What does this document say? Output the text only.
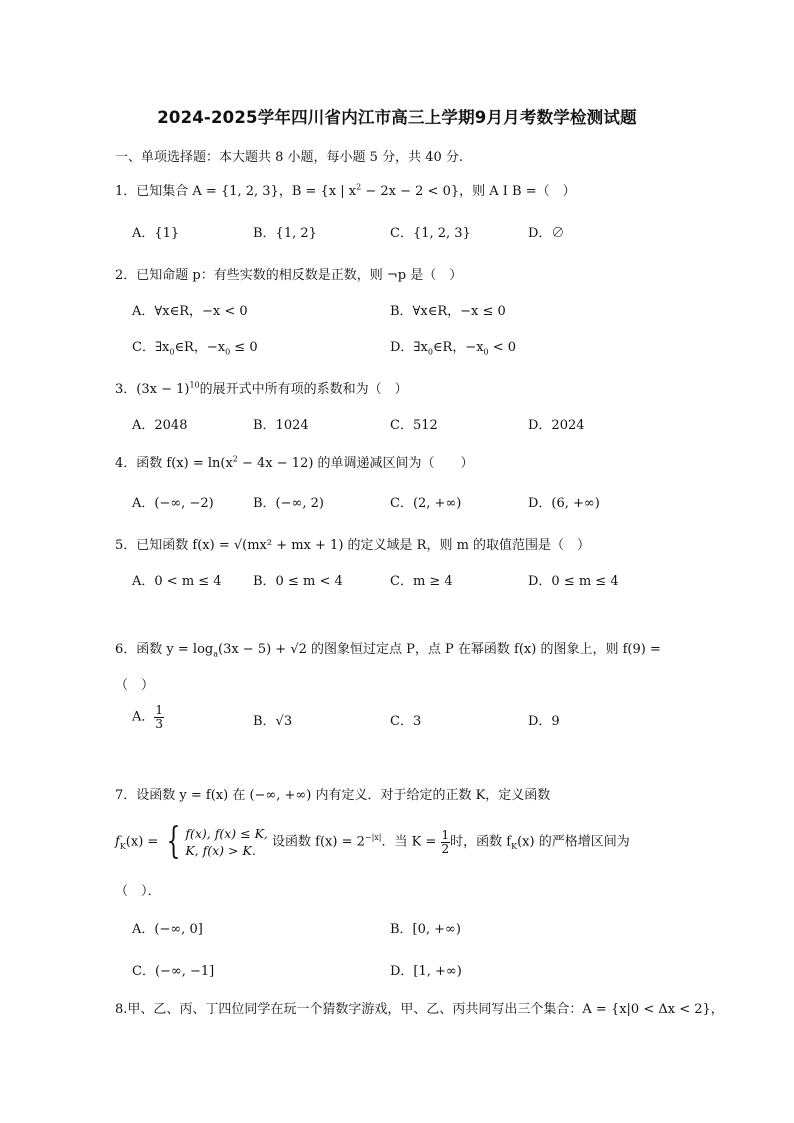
2024-2025学年四川省内江市高三上学期9月月考数学检测试题
一、单项选择题：本大题共 8 小题，每小题 5 分，共 40 分.
1．已知集合 A = {1, 2, 3}，B = {x | $x^2 - 2x - 2 < 0$}，则 A I B =（　）
A．{1}	B．{1, 2}	C．{1, 2, 3}	D．∅
2．已知命题 p：有些实数的相反数是正数，则 ¬p 是（　）
A．∀x∈R，−x < 0	B．∀x∈R，−x ≤ 0
C．$\exists x_0\in R$，$-x_0 \le 0$	D．$\exists x_0\in R$，$-x_0 < 0$
3．$(3x - 1)^{10}$的展开式中所有项的系数和为（　）
A．2048	B．1024	C．512	D．2024
4．函数 $f(x) = \ln(x^2 - 4x - 12)$ 的单调递减区间为（　　）
A．(−∞, −2)	B．(−∞, 2)	C．(2, +∞)	D．(6, +∞)
5．已知函数 f(x) = √(mx² + mx + 1) 的定义域是 R，则 m 的取值范围是（　）
A．0 < m ≤ 4 B．0 ≤ m < 4	C．m ≥ 4	D．0 ≤ m ≤ 4
6．函数 $y = \log_a(3x - 5) + √2$ 的图象恒过定点 P，点 P 在幂函数 f(x) 的图象上，则 f(9) =
（　）
A． $\frac{1}{3}$	B．√3	C．3	D．9
7．设函数 y = f(x) 在 (−∞, +∞) 内有定义．对于给定的正数 K，定义函数
$f_K(x)$ = { f(x), f(x) ≤ K,
K, f(x) > K.
设函数 $f(x) = 2^{-|x|}$．当 $K = \frac{1}{2}$ 时，函数 $f_K(x)$ 的严格增区间为
（　）．
A．(−∞, 0]	B．[0, +∞)
C．(−∞, −1]	D．[1, +∞)
8.甲、乙、丙、丁四位同学在玩一个猜数字游戏，甲、乙、丙共同写出三个集合：A = {x|0 < Δx < 2}，
